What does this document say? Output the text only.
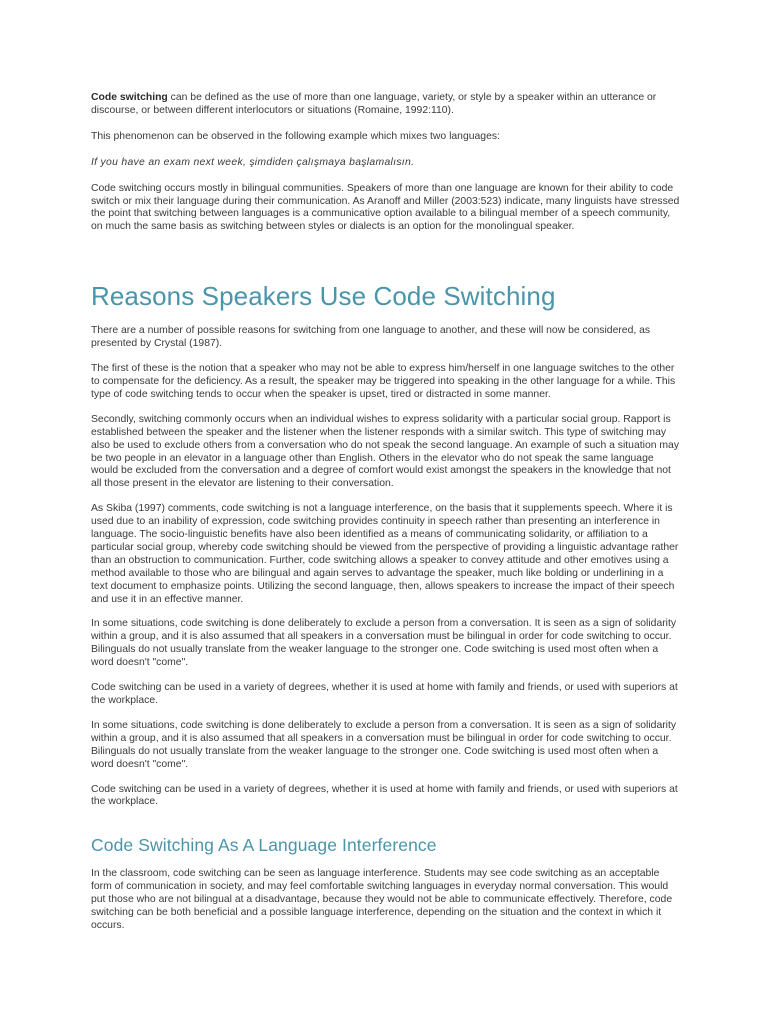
Code switching can be defined as the use of more than one language, variety, or style by a speaker within an utterance or discourse, or between different interlocutors or situations (Romaine, 1992:110).

This phenomenon can be observed in the following example which mixes two languages:

If you have an exam next week, şimdiden çalışmaya başlamalısın.

Code switching occurs mostly in bilingual communities. Speakers of more than one language are known for their ability to code switch or mix their language during their communication. As Aranoff and Miller (2003:523) indicate, many linguists have stressed the point that switching between languages is a communicative option available to a bilingual member of a speech community, on much the same basis as switching between styles or dialects is an option for the monolingual speaker.

Reasons Speakers Use Code Switching

There are a number of possible reasons for switching from one language to another, and these will now be considered, as presented by Crystal (1987).

The first of these is the notion that a speaker who may not be able to express him/herself in one language switches to the other to compensate for the deficiency. As a result, the speaker may be triggered into speaking in the other language for a while. This type of code switching tends to occur when the speaker is upset, tired or distracted in some manner.

Secondly, switching commonly occurs when an individual wishes to express solidarity with a particular social group. Rapport is established between the speaker and the listener when the listener responds with a similar switch. This type of switching may also be used to exclude others from a conversation who do not speak the second language. An example of such a situation may be two people in an elevator in a language other than English. Others in the elevator who do not speak the same language would be excluded from the conversation and a degree of comfort would exist amongst the speakers in the knowledge that not all those present in the elevator are listening to their conversation.

As Skiba (1997) comments, code switching is not a language interference, on the basis that it supplements speech. Where it is used due to an inability of expression, code switching provides continuity in speech rather than presenting an interference in language. The socio-linguistic benefits have also been identified as a means of communicating solidarity, or affiliation to a particular social group, whereby code switching should be viewed from the perspective of providing a linguistic advantage rather than an obstruction to communication. Further, code switching allows a speaker to convey attitude and other emotives using a method available to those who are bilingual and again serves to advantage the speaker, much like bolding or underlining in a text document to emphasize points. Utilizing the second language, then, allows speakers to increase the impact of their speech and use it in an effective manner.

In some situations, code switching is done deliberately to exclude a person from a conversation. It is seen as a sign of solidarity within a group, and it is also assumed that all speakers in a conversation must be bilingual in order for code switching to occur. Bilinguals do not usually translate from the weaker language to the stronger one. Code switching is used most often when a word doesn't "come".

Code switching can be used in a variety of degrees, whether it is used at home with family and friends, or used with superiors at the workplace.

In some situations, code switching is done deliberately to exclude a person from a conversation. It is seen as a sign of solidarity within a group, and it is also assumed that all speakers in a conversation must be bilingual in order for code switching to occur. Bilinguals do not usually translate from the weaker language to the stronger one. Code switching is used most often when a word doesn't "come".

Code switching can be used in a variety of degrees, whether it is used at home with family and friends, or used with superiors at the workplace.

Code Switching As A Language Interference

In the classroom, code switching can be seen as language interference. Students may see code switching as an acceptable form of communication in society, and may feel comfortable switching languages in everyday normal conversation. This would put those who are not bilingual at a disadvantage, because they would not be able to communicate effectively. Therefore, code switching can be both beneficial and a possible language interference, depending on the situation and the context in which it occurs.
